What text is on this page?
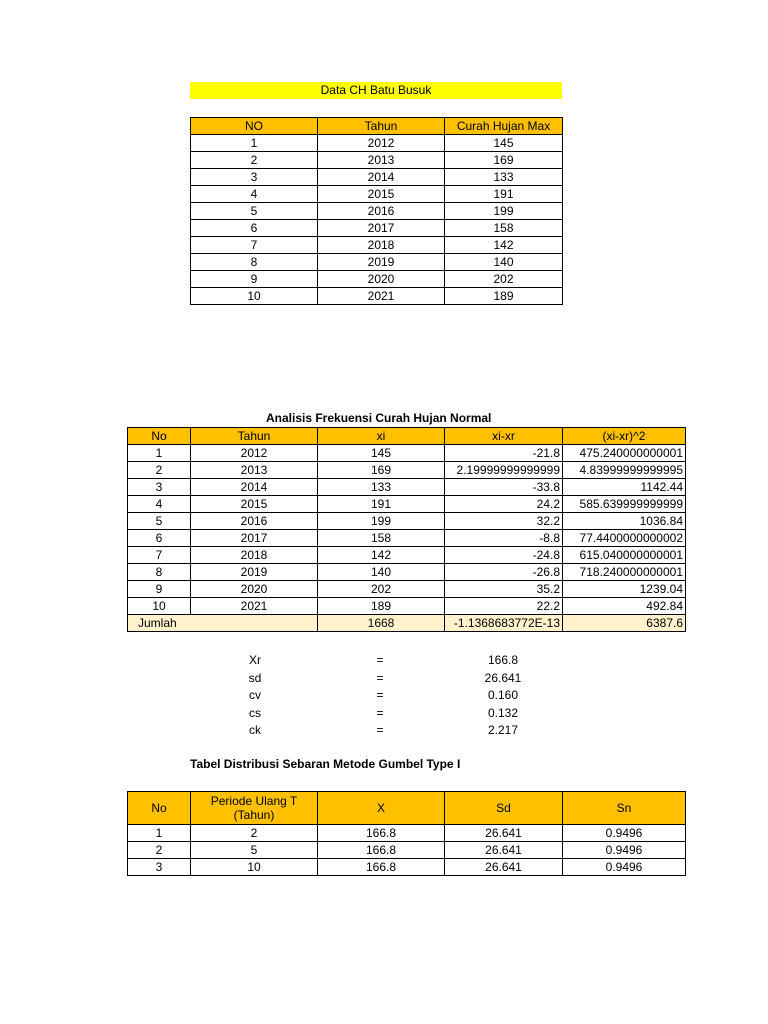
Data CH Batu Busuk
NO	Tahun	Curah Hujan Max
1	2012	145
2	2013	169
3	2014	133
4	2015	191
5	2016	199
6	2017	158
7	2018	142
8	2019	140
9	2020	202
10	2021	189
Analisis Frekuensi Curah Hujan Normal
No	Tahun	xi	xi-xr	(xi-xr)^2
1	2012	145	-21.8	475.240000000001
2	2013	169	2.19999999999999	4.83999999999995
3	2014	133	-33.8	1142.44
4	2015	191	24.2	585.639999999999
5	2016	199	32.2	1036.84
6	2017	158	-8.8	77.4400000000002
7	2018	142	-24.8	615.040000000001
8	2019	140	-26.8	718.240000000001
9	2020	202	35.2	1239.04
10	2021	189	22.2	492.84
Jumlah		1668	-1.1368683772E-13	6387.6
Tabel Distribusi Sebaran Metode Gumbel Type I
No	Periode Ulang T (Tahun)	X	Sd	Sn
1	2	166.8	26.641	0.9496
2	5	166.8	26.641	0.9496
3	10	166.8	26.641	0.9496
Xr	=	166.8
sd	=	26.641
cv	=	0.160
cs	=	0.132
ck	=	2.217
